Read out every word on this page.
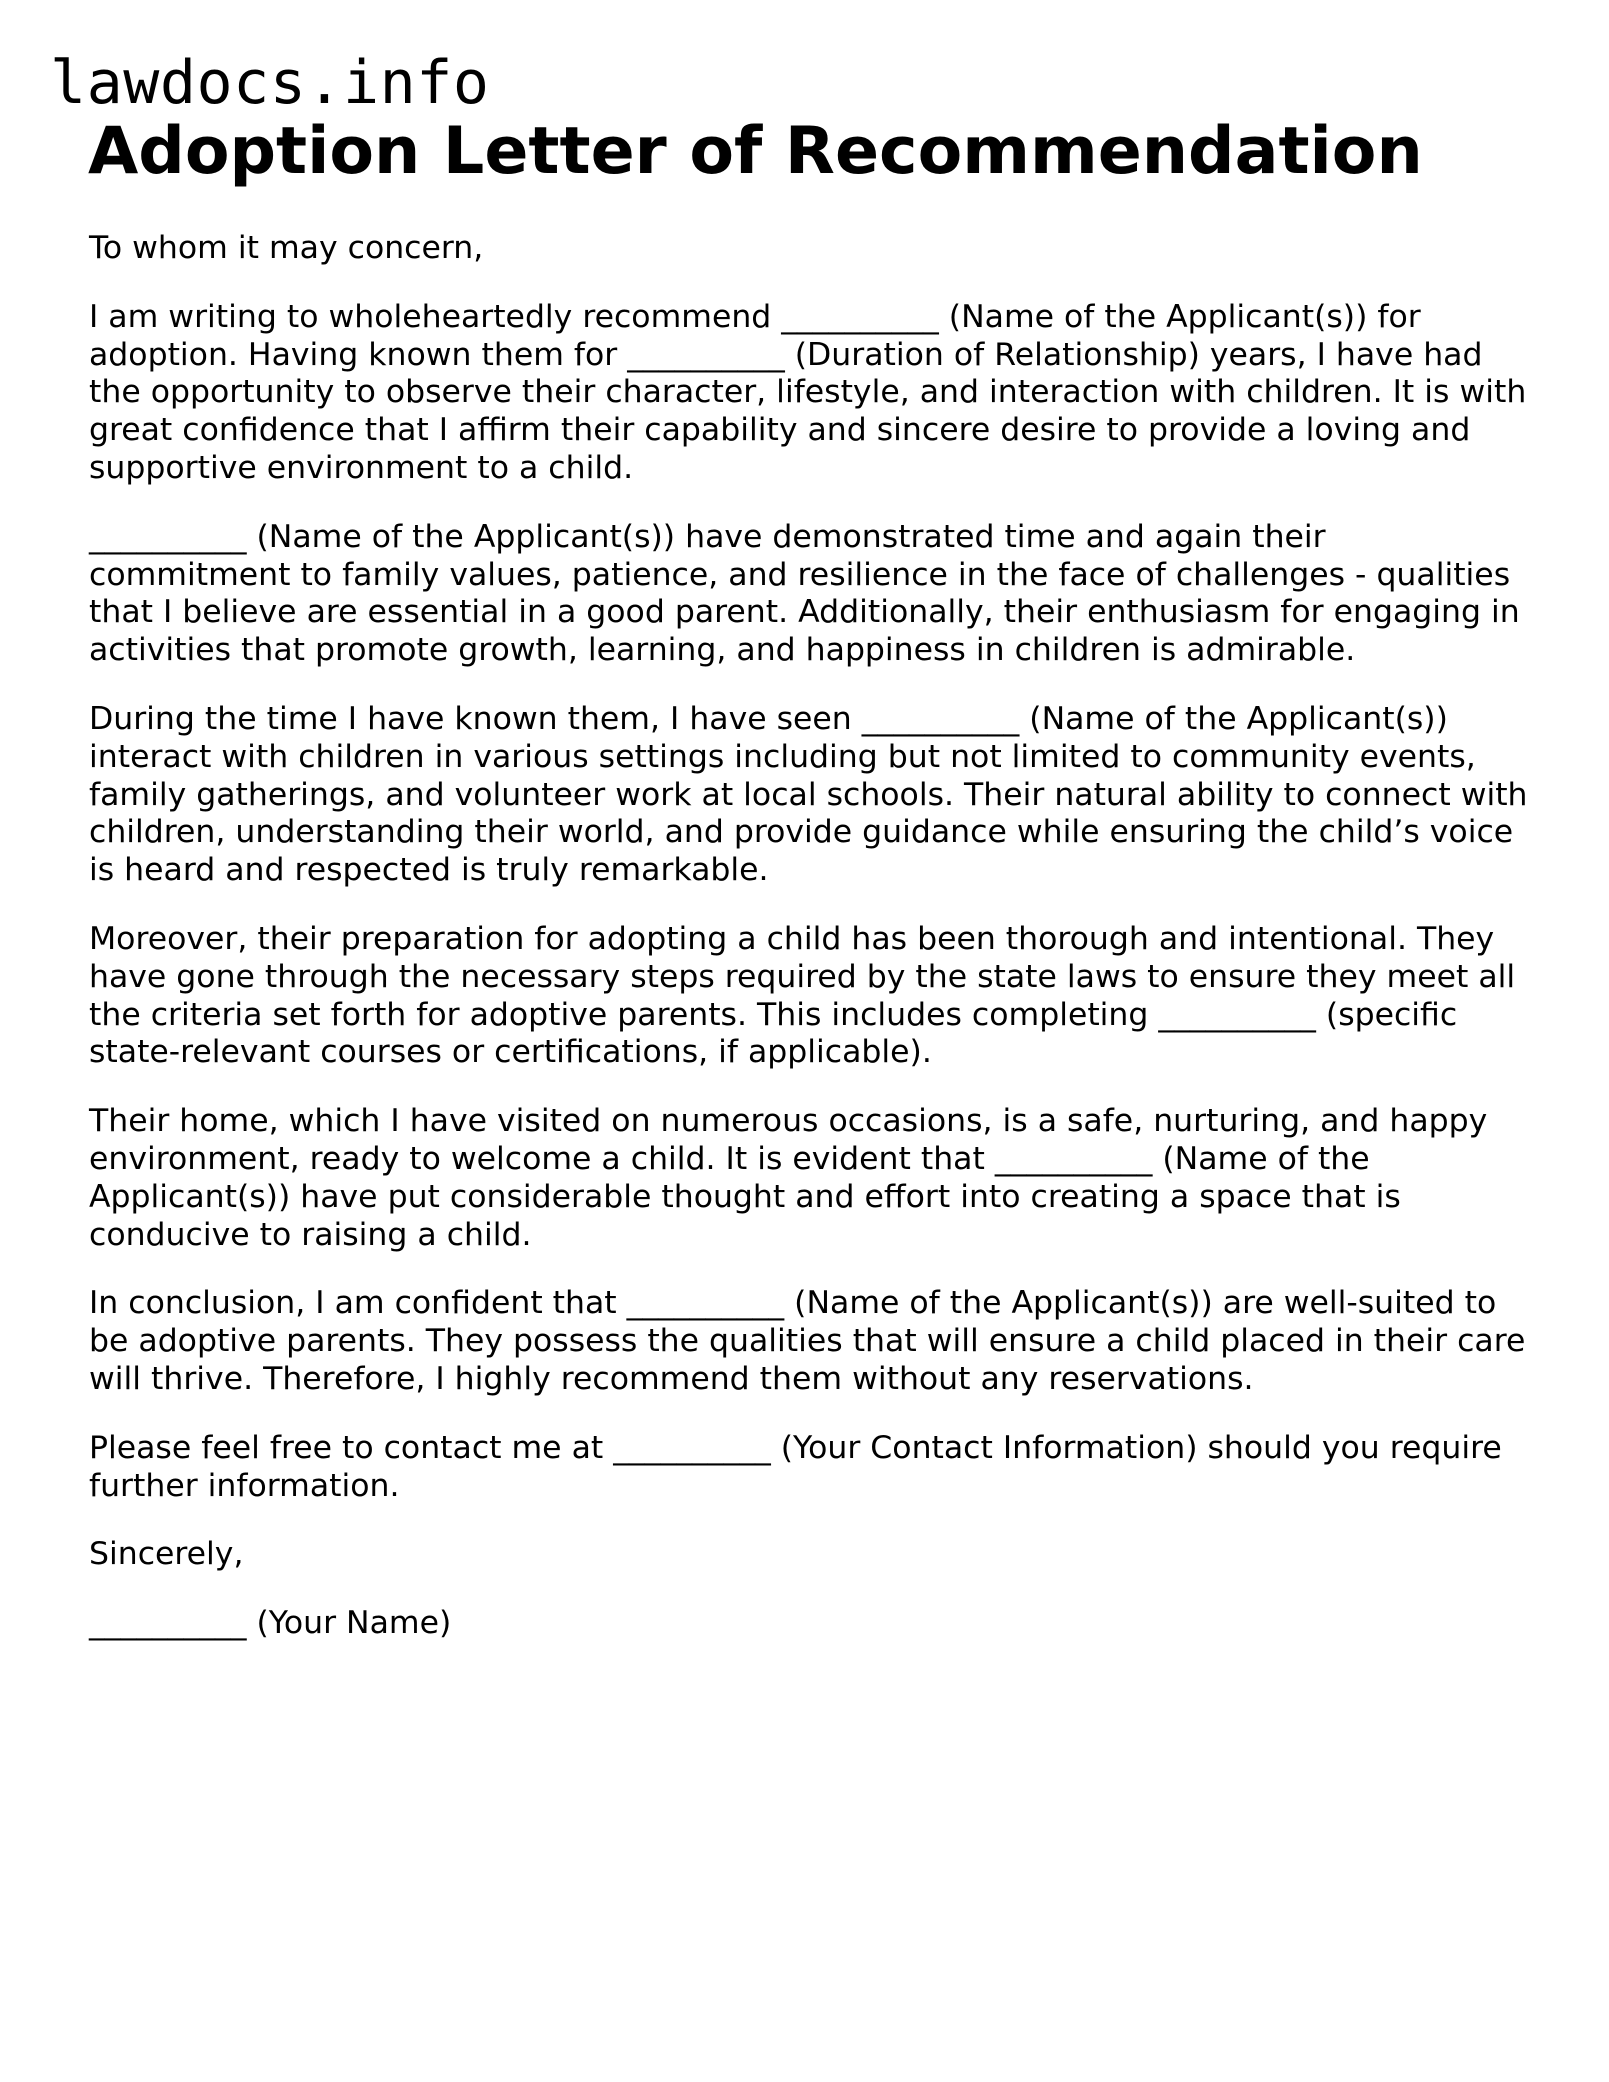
lawdocs.info
Adoption Letter of Recommendation

To whom it may concern,

I am writing to wholeheartedly recommend __________ (Name of the Applicant(s)) for adoption. Having known them for __________ (Duration of Relationship) years, I have had the opportunity to observe their character, lifestyle, and interaction with children. It is with great confidence that I affirm their capability and sincere desire to provide a loving and supportive environment to a child.

__________ (Name of the Applicant(s)) have demonstrated time and again their commitment to family values, patience, and resilience in the face of challenges - qualities that I believe are essential in a good parent. Additionally, their enthusiasm for engaging in activities that promote growth, learning, and happiness in children is admirable.

During the time I have known them, I have seen __________ (Name of the Applicant(s)) interact with children in various settings including but not limited to community events, family gatherings, and volunteer work at local schools. Their natural ability to connect with children, understanding their world, and provide guidance while ensuring the child’s voice is heard and respected is truly remarkable.

Moreover, their preparation for adopting a child has been thorough and intentional. They have gone through the necessary steps required by the state laws to ensure they meet all the criteria set forth for adoptive parents. This includes completing __________ (specific state-relevant courses or certifications, if applicable).

Their home, which I have visited on numerous occasions, is a safe, nurturing, and happy environment, ready to welcome a child. It is evident that __________ (Name of the Applicant(s)) have put considerable thought and effort into creating a space that is conducive to raising a child.

In conclusion, I am confident that __________ (Name of the Applicant(s)) are well-suited to be adoptive parents. They possess the qualities that will ensure a child placed in their care will thrive. Therefore, I highly recommend them without any reservations.

Please feel free to contact me at __________ (Your Contact Information) should you require further information.

Sincerely,

__________ (Your Name)
